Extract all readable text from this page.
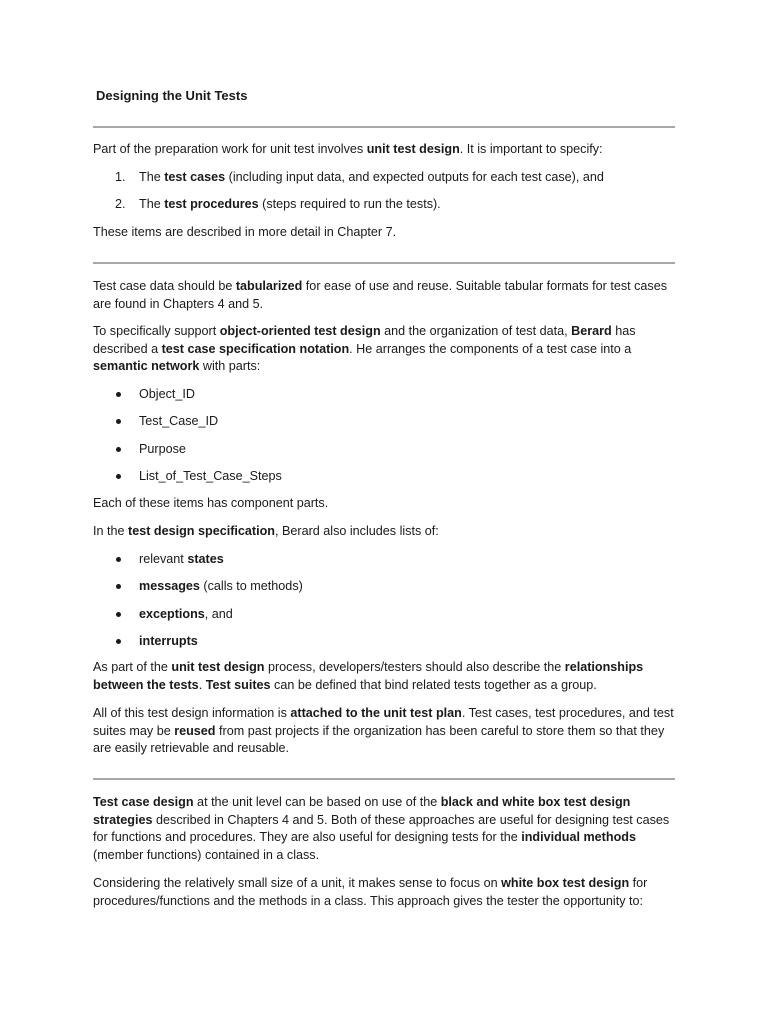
Designing the Unit Tests

Part of the preparation work for unit test involves unit test design. It is important to specify:

1. The test cases (including input data, and expected outputs for each test case), and

2. The test procedures (steps required to run the tests).

These items are described in more detail in Chapter 7.

Test case data should be tabularized for ease of use and reuse. Suitable tabular formats for test cases are found in Chapters 4 and 5.

To specifically support object-oriented test design and the organization of test data, Berard has described a test case specification notation. He arranges the components of a test case into a semantic network with parts:

Object_ID

Test_Case_ID

Purpose

List_of_Test_Case_Steps

Each of these items has component parts.

In the test design specification, Berard also includes lists of:

relevant states

messages (calls to methods)

exceptions, and

interrupts

As part of the unit test design process, developers/testers should also describe the relationships between the tests. Test suites can be defined that bind related tests together as a group.

All of this test design information is attached to the unit test plan. Test cases, test procedures, and test suites may be reused from past projects if the organization has been careful to store them so that they are easily retrievable and reusable.

Test case design at the unit level can be based on use of the black and white box test design strategies described in Chapters 4 and 5. Both of these approaches are useful for designing test cases for functions and procedures. They are also useful for designing tests for the individual methods (member functions) contained in a class.

Considering the relatively small size of a unit, it makes sense to focus on white box test design for procedures/functions and the methods in a class. This approach gives the tester the opportunity to:
